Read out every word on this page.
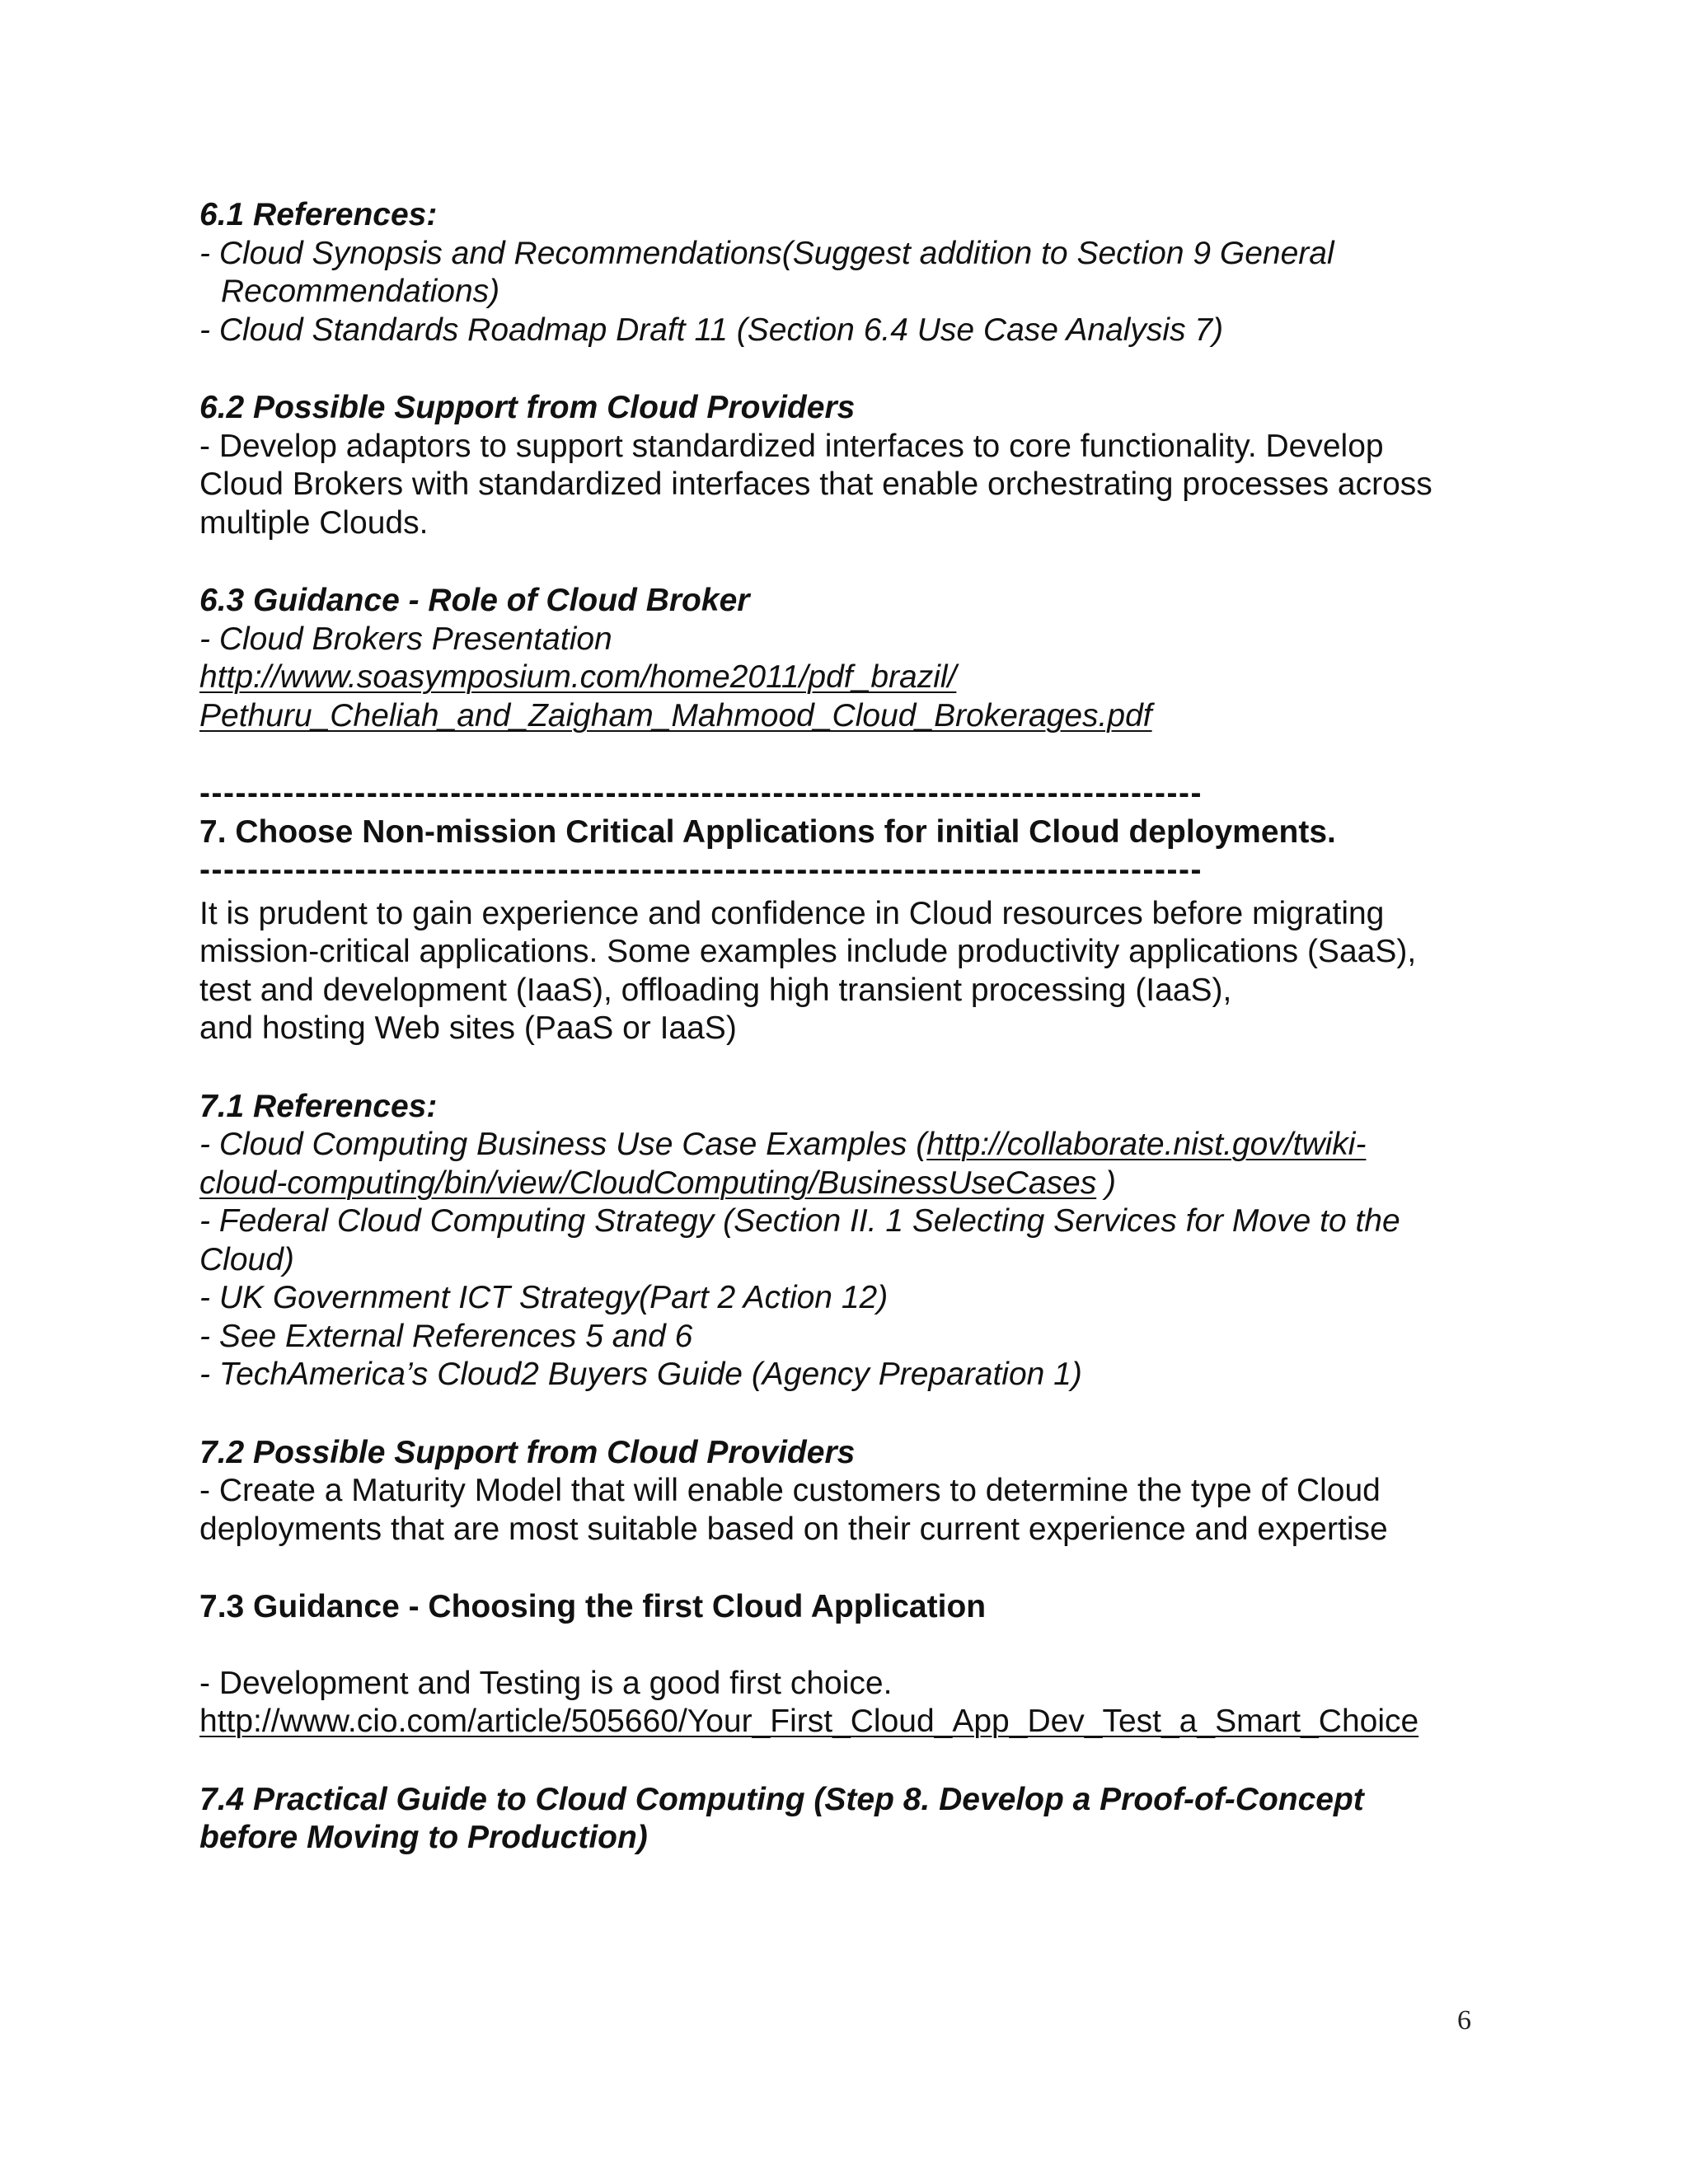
6.1 References:

- Cloud Synopsis and Recommendations(Suggest addition to Section 9 General

Recommendations)

- Cloud Standards Roadmap Draft 11 (Section 6.4 Use Case Analysis 7)

6.2 Possible Support from Cloud Providers

- Develop adaptors to support standardized interfaces to core functionality. Develop

Cloud Brokers with standardized interfaces that enable orchestrating processes across

multiple Clouds.

6.3 Guidance - Role of Cloud Broker

- Cloud Brokers Presentation

http://www.soasymposium.com/home2011/pdf_brazil/

Pethuru_Cheliah_and_Zaigham_Mahmood_Cloud_Brokerages.pdf

------------------------------------------------------------------------------------

7. Choose Non-mission Critical Applications for initial Cloud deployments.

------------------------------------------------------------------------------------

It is prudent to gain experience and confidence in Cloud resources before migrating

mission-critical applications. Some examples include productivity applications (SaaS),

test and development (IaaS), offloading high transient processing (IaaS),

and hosting Web sites (PaaS or IaaS)

7.1 References:

- Cloud Computing Business Use Case Examples (http://collaborate.nist.gov/twiki-

cloud-computing/bin/view/CloudComputing/BusinessUseCases )

- Federal Cloud Computing Strategy (Section II. 1 Selecting Services for Move to the

Cloud)

- UK Government ICT Strategy(Part 2 Action 12)

- See External References 5 and 6

- TechAmerica’s Cloud2 Buyers Guide (Agency Preparation 1)

7.2 Possible Support from Cloud Providers

- Create a Maturity Model that will enable customers to determine the type of Cloud

deployments that are most suitable based on their current experience and expertise

7.3 Guidance - Choosing the first Cloud Application

- Development and Testing is a good first choice.

http://www.cio.com/article/505660/Your_First_Cloud_App_Dev_Test_a_Smart_Choice

7.4 Practical Guide to Cloud Computing (Step 8. Develop a Proof-of-Concept

before Moving to Production)

6
